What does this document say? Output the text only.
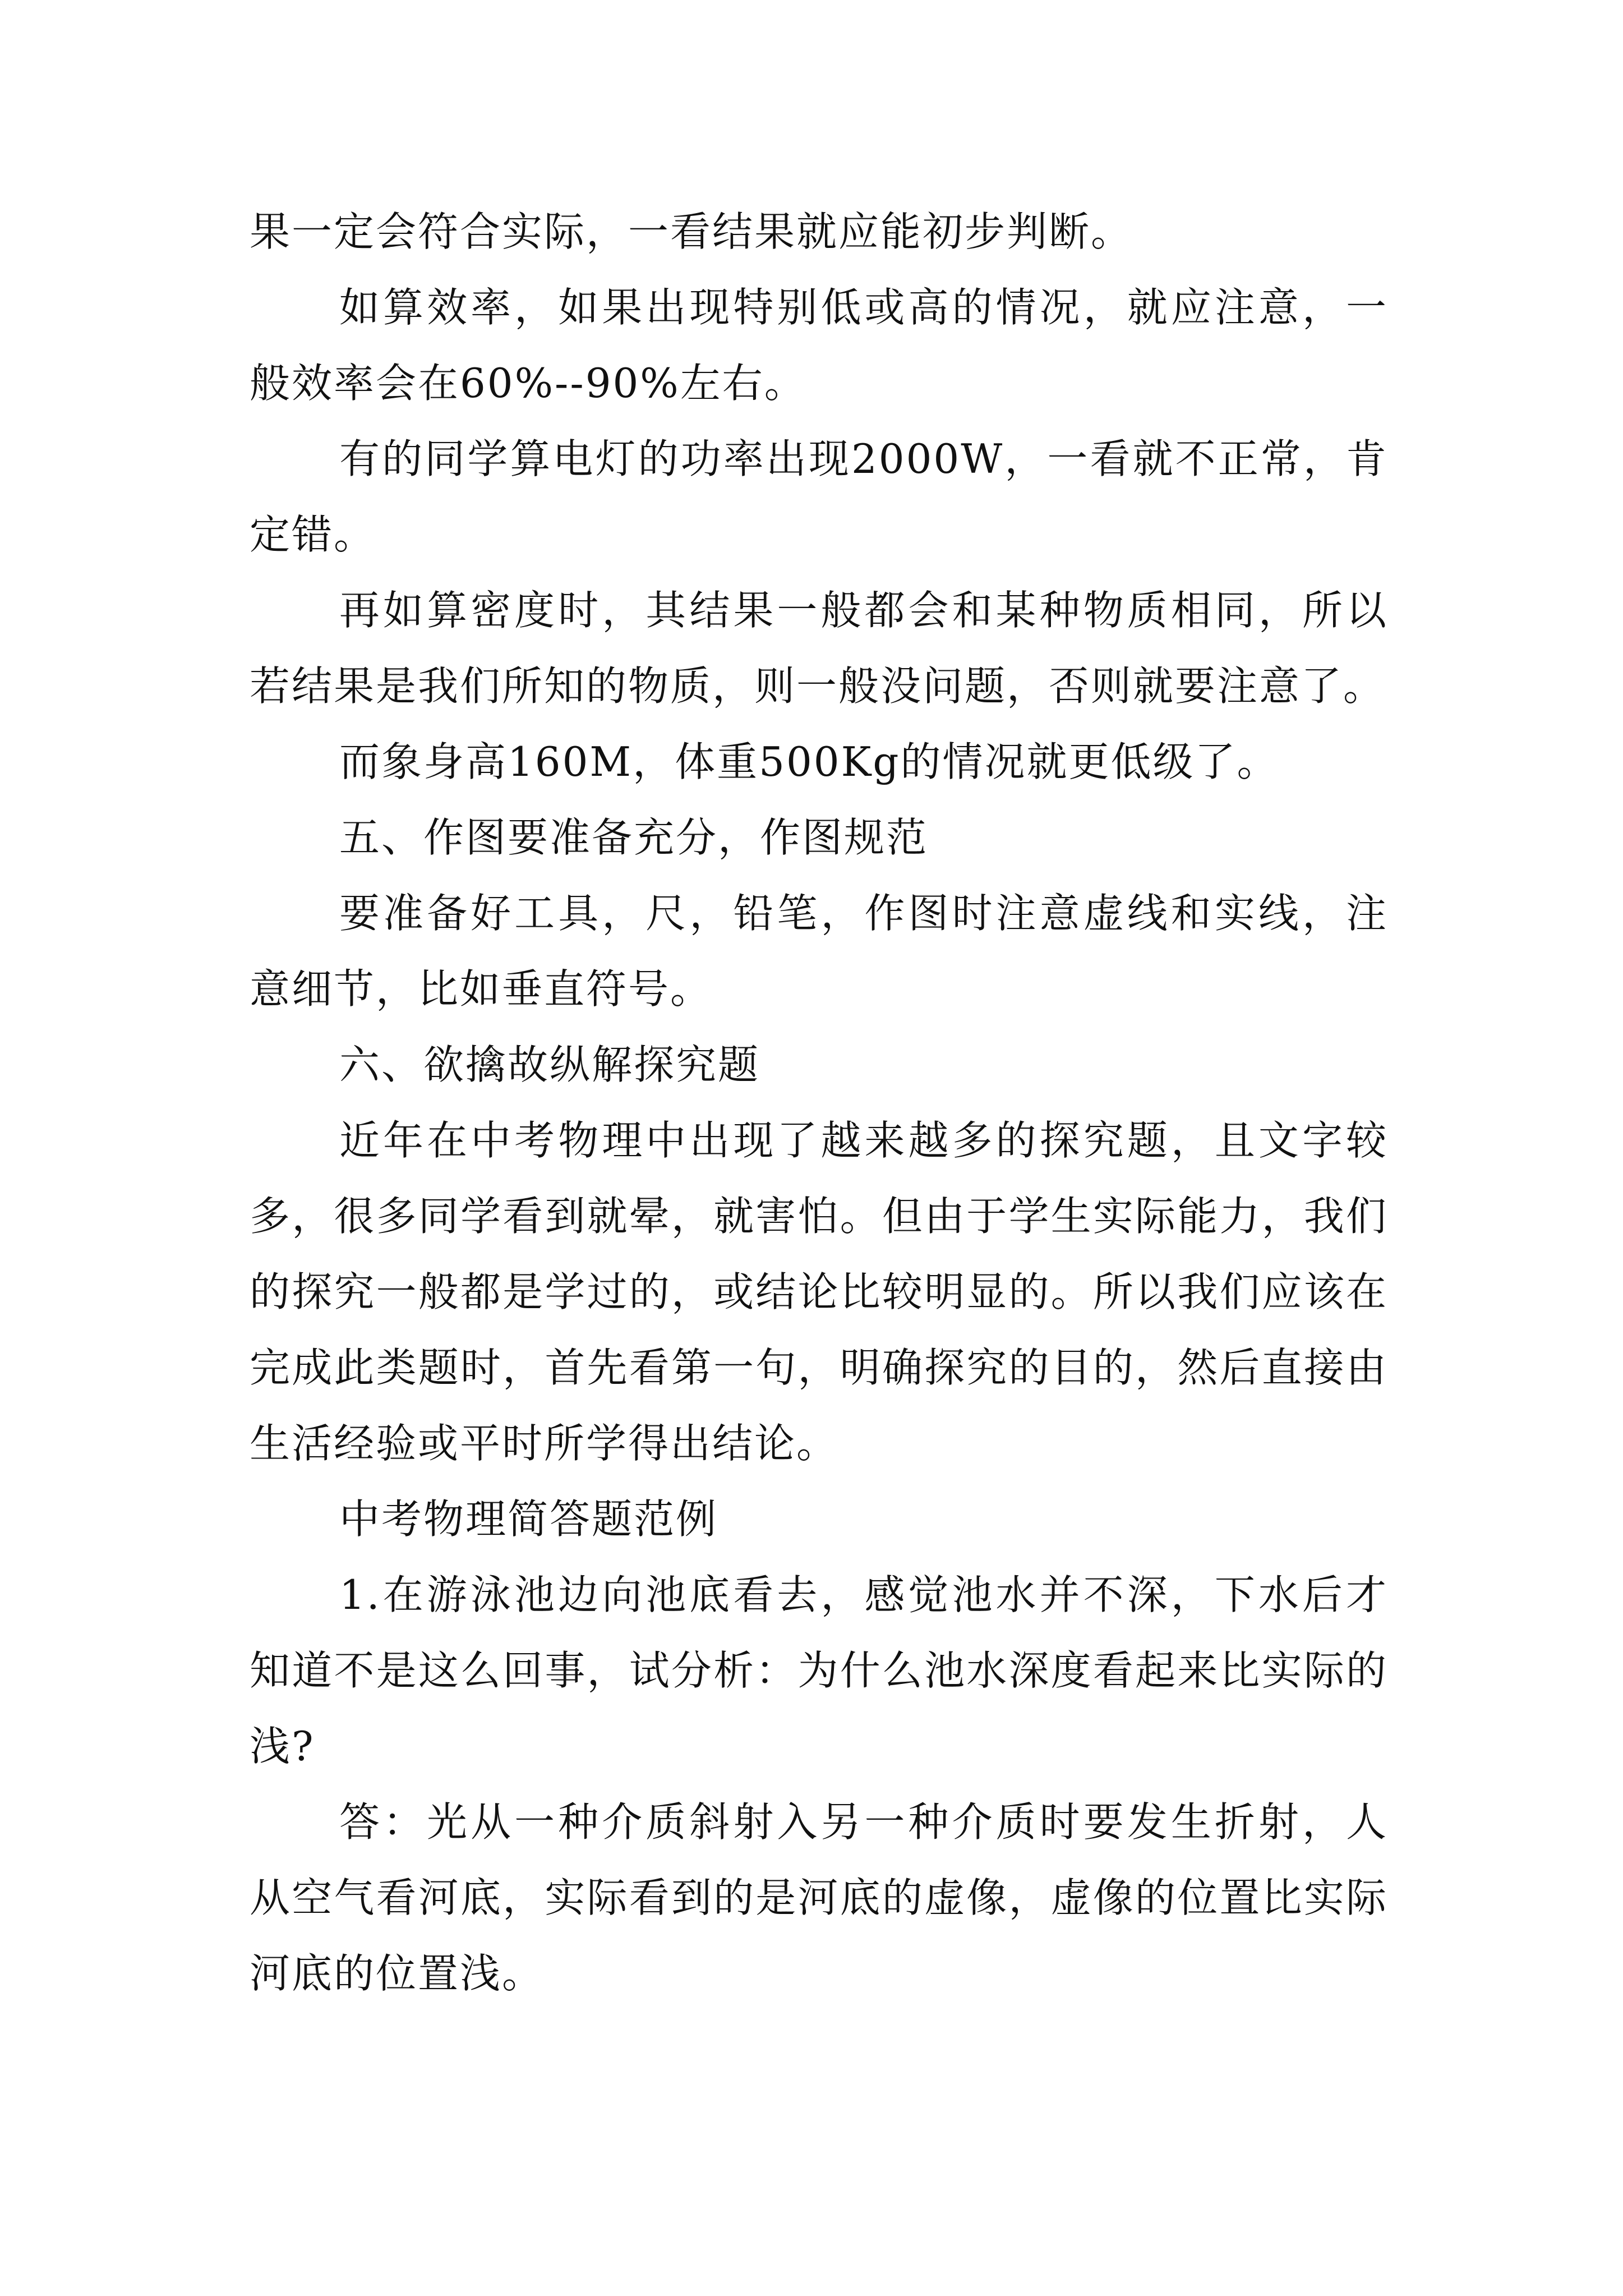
果一定会符合实际，一看结果就应能初步判断。

如算效率，如果出现特别低或高的情况，就应注意，一般效率会在60%--90%左右。

有的同学算电灯的功率出现2000W，一看就不正常，肯定错。

再如算密度时，其结果一般都会和某种物质相同，所以若结果是我们所知的物质，则一般没问题，否则就要注意了。

而象身高160M，体重500Kg的情况就更低级了。

五、作图要准备充分，作图规范

要准备好工具，尺，铅笔，作图时注意虚线和实线，注意细节，比如垂直符号。

六、欲擒故纵解探究题

近年在中考物理中出现了越来越多的探究题，且文字较多，很多同学看到就晕，就害怕。但由于学生实际能力，我们的探究一般都是学过的，或结论比较明显的。所以我们应该在完成此类题时，首先看第一句，明确探究的目的，然后直接由生活经验或平时所学得出结论。

中考物理简答题范例

1.在游泳池边向池底看去，感觉池水并不深，下水后才知道不是这么回事，试分析：为什么池水深度看起来比实际的浅?

答：光从一种介质斜射入另一种介质时要发生折射，人从空气看河底，实际看到的是河底的虚像，虚像的位置比实际河底的位置浅。
